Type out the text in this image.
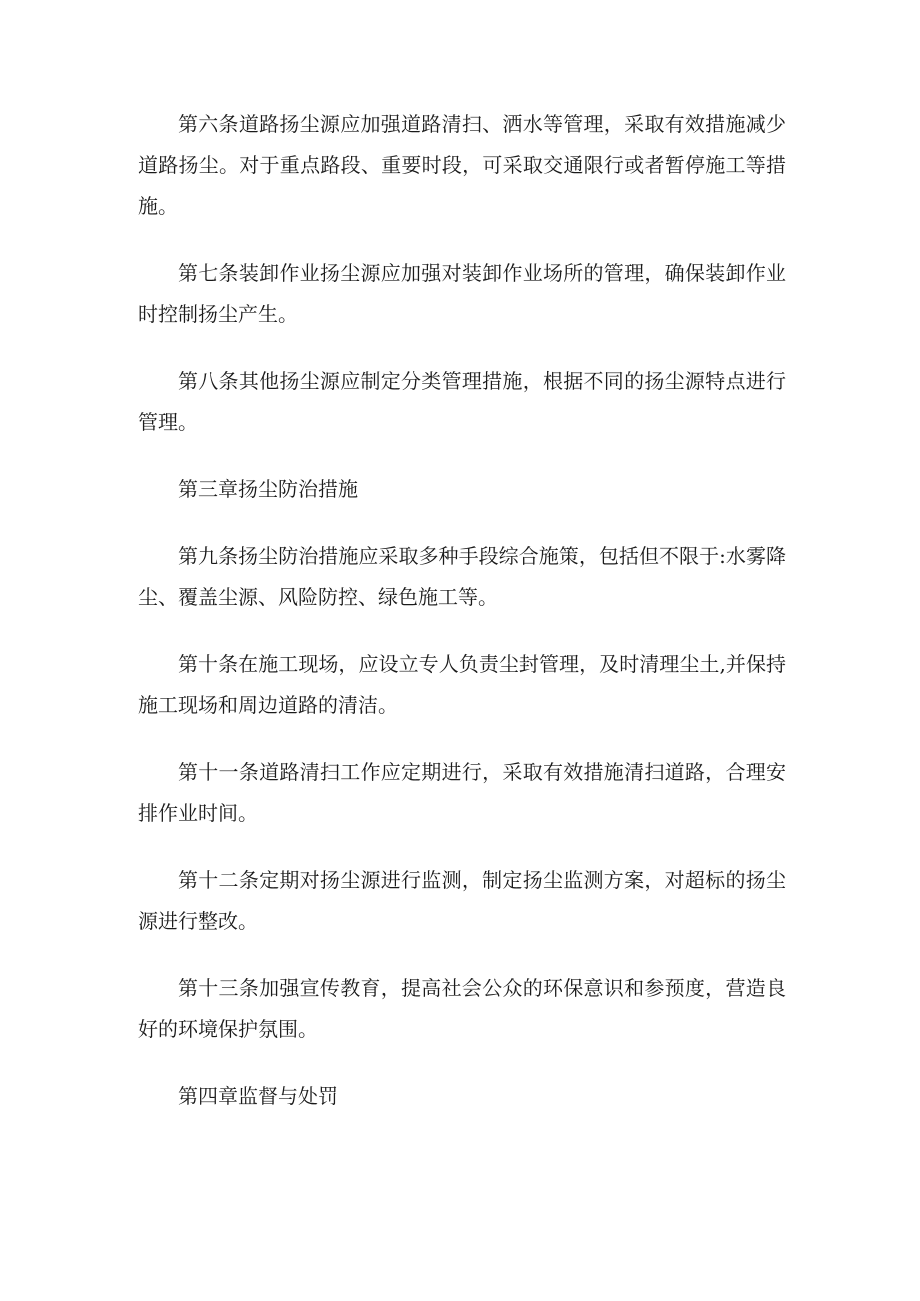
第六条道路扬尘源应加强道路清扫、洒水等管理，采取有效措施减少道路扬尘。对于重点路段、重要时段，可采取交通限行或者暂停施工等措施。

第七条装卸作业扬尘源应加强对装卸作业场所的管理，确保装卸作业时控制扬尘产生。

第八条其他扬尘源应制定分类管理措施，根据不同的扬尘源特点进行管理。

第三章扬尘防治措施

第九条扬尘防治措施应采取多种手段综合施策，包括但不限于:水雾降尘、覆盖尘源、风险防控、绿色施工等。

第十条在施工现场，应设立专人负责尘封管理，及时清理尘土,并保持施工现场和周边道路的清洁。

第十一条道路清扫工作应定期进行，采取有效措施清扫道路，合理安排作业时间。

第十二条定期对扬尘源进行监测，制定扬尘监测方案，对超标的扬尘源进行整改。

第十三条加强宣传教育，提高社会公众的环保意识和参预度，营造良好的环境保护氛围。

第四章监督与处罚
